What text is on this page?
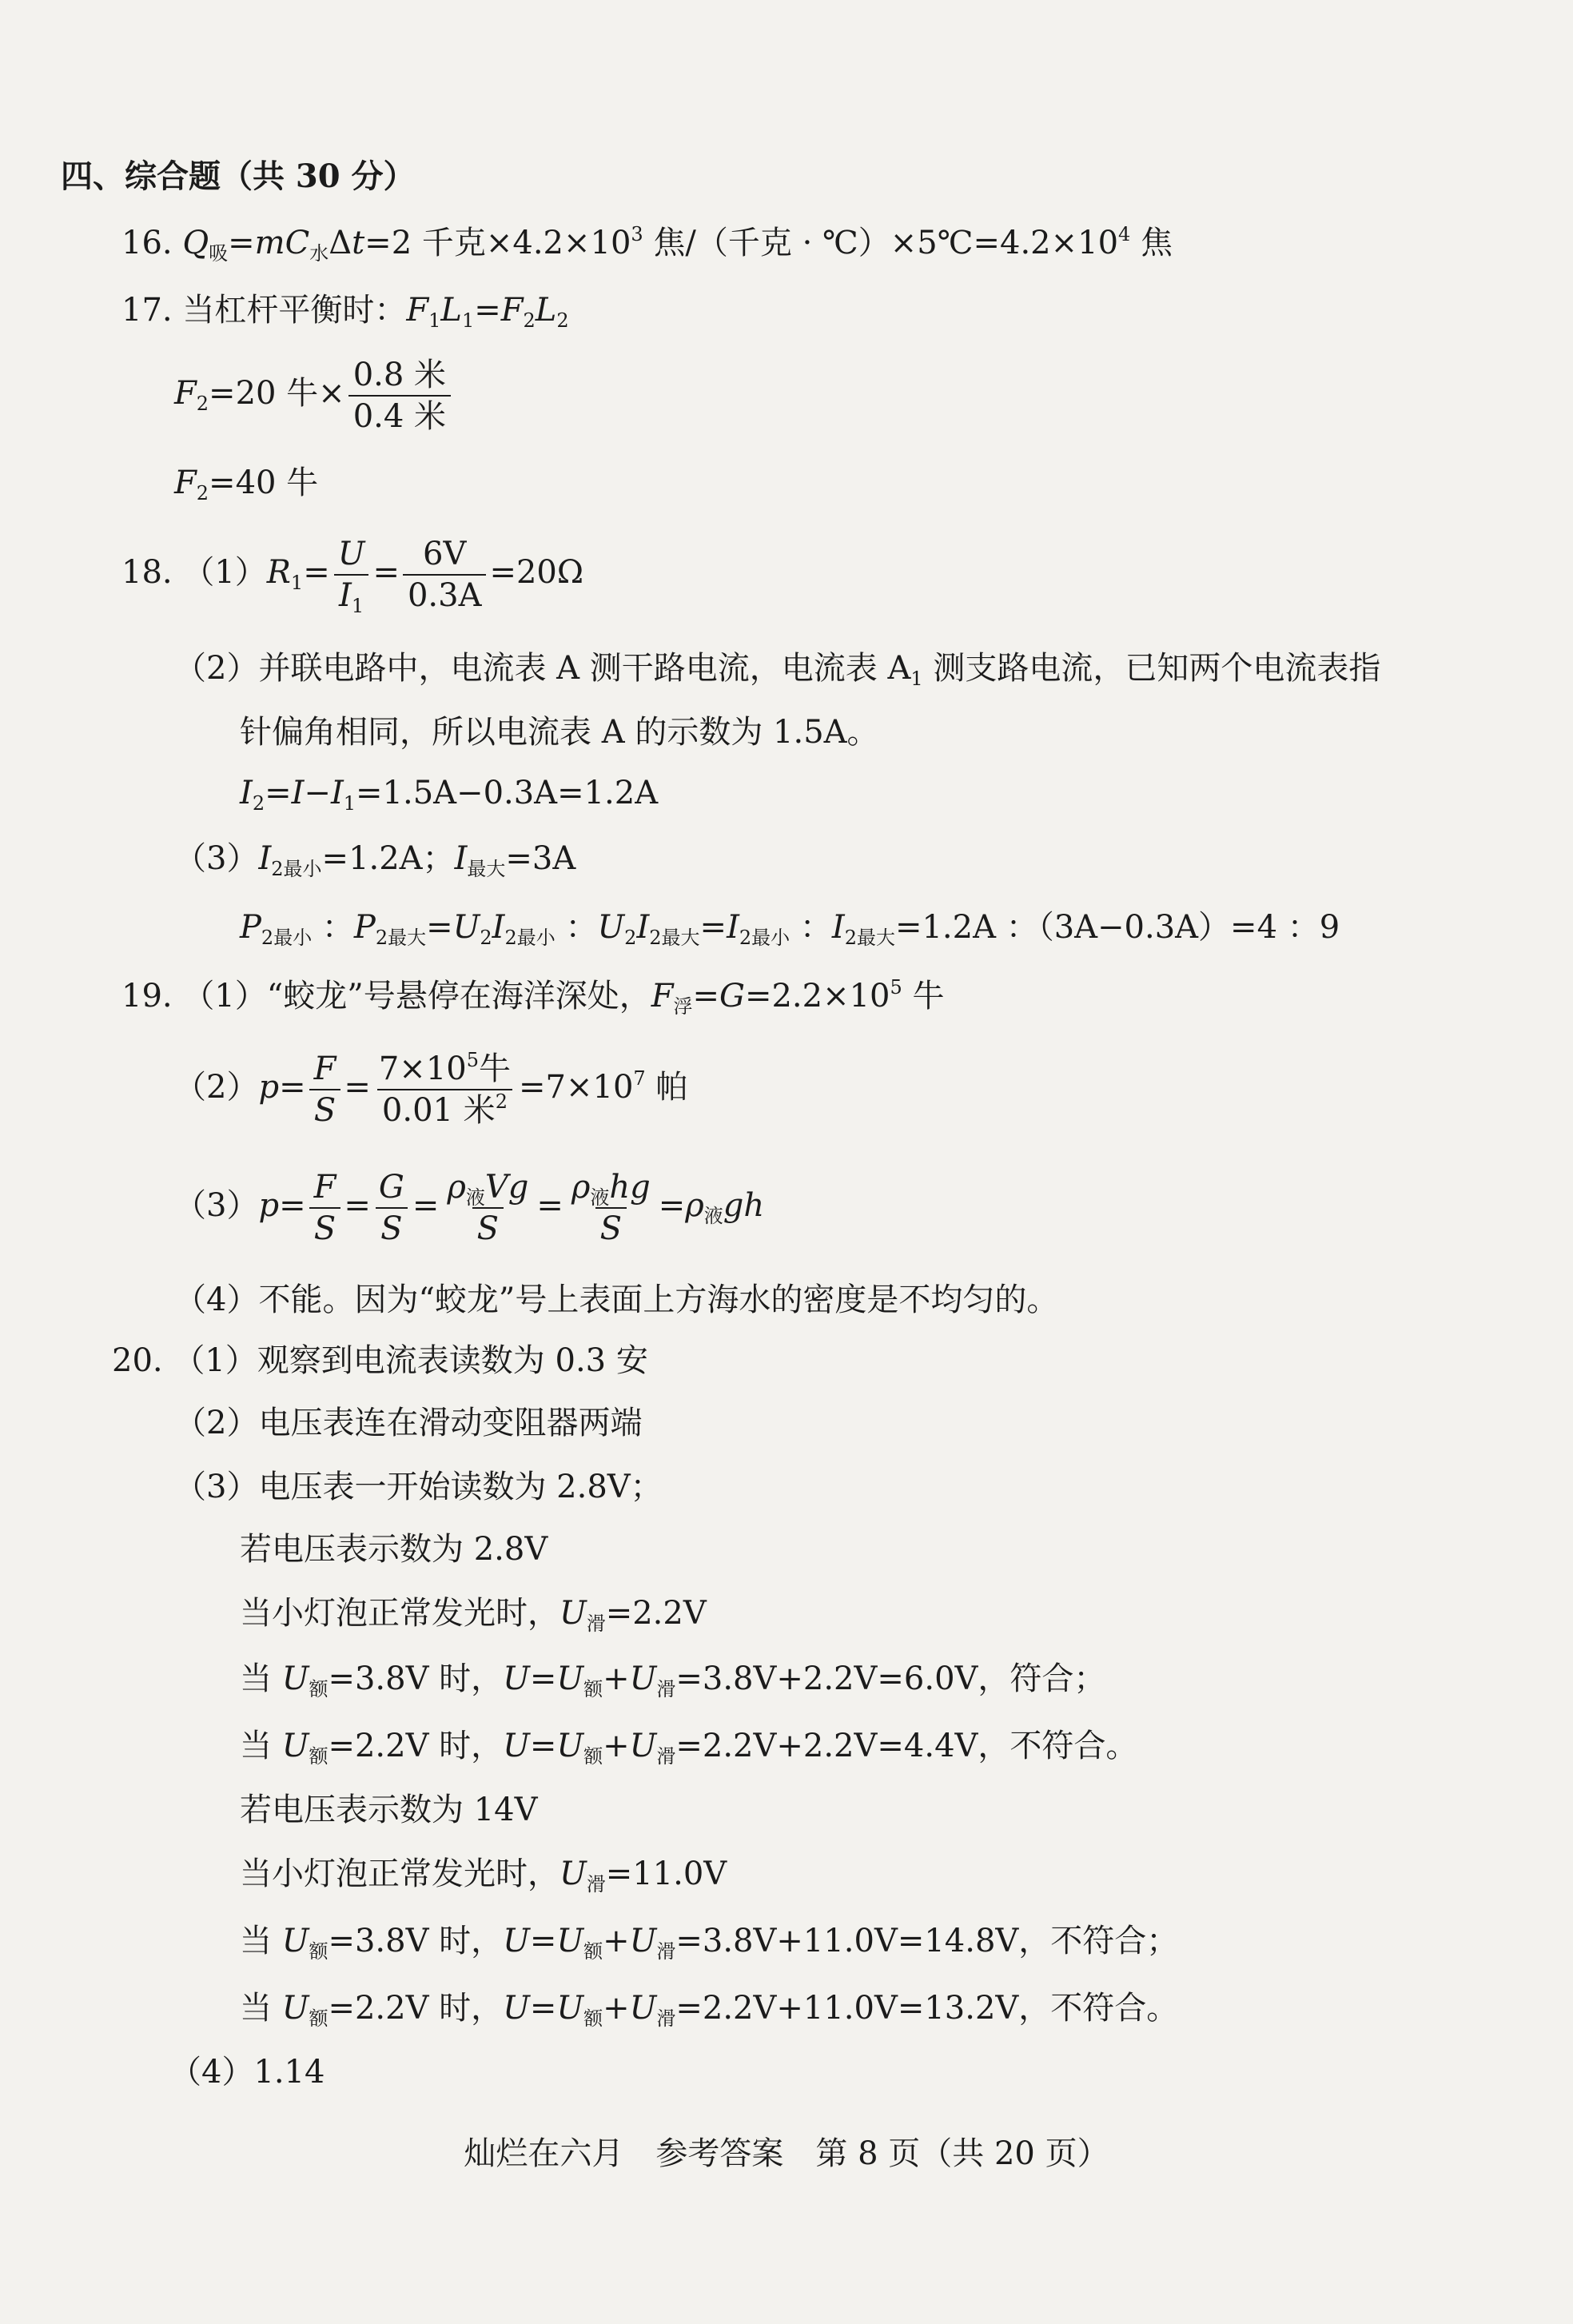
四、综合题（共 30 分）
16. $Q_吸=mC_水\Delta t=2$ 千克$\times 4.2\times 10^3$ 焦/（千克 · $℃)\times 5℃=4.2\times 10^4$ 焦
17. 当杠杆平衡时：$F_1L_1=F_2L_2$
$F_2=20$ 牛× $\frac{\text{0.8 米}}{\text{0.4 米}}$
$F_2=40$ 牛
18. $(1)R_1= \frac{U}{I_1} = \frac{6V}{0.3A} =20\Omega$
（2）并联电路中，电流表 A 测干路电流，电流表 $A_1$ 测支路电流，已知两个电流表指
针偏角相同，所以电流表 A 的示数为 1.5A。
$I_2=I-I_1=1.5A-0.3A=1.2A$
$(3)I_{2最小}=1.2A$；$I_{最大}=3A$
$P_{2最小}$ ：$P_{2最大}=U_2I_{2最小}$ ：$U_2I_{2最大}=I_{2最小}$ ：$I_{2最大}=1.2A$ ：（3A−0.3A）=4 ：9
19. （1）“蛟龙”号悬停在海洋深处，$F_浮=G=2.2\times 10^5$ 牛
$(2)p= \frac{F}{S} = \frac{7\times 10^5牛}{0.01 米^2} =7\times 10^7$ 帕
$(3)p= \frac{F}{S} = \frac{G}{S} = \frac{\rho_液Vg}{S} = \frac{\rho_液hg}{S} =\rho_液gh$
（4）不能。因为“蛟龙”号上表面上方海水的密度是不均匀的。
20. （1）观察到电流表读数为 0.3 安
（2）电压表连在滑动变阻器两端
（3）电压表一开始读数为 2.8V；
若电压表示数为 2.8V
当小灯泡正常发光时，$U_滑=2.2V$
当 $U_额=3.8V$ 时，$U=U_额+U_滑=3.8V+2.2V=6.0V$，符合；
当 $U_额=2.2V$ 时，$U=U_额+U_滑=2.2V+2.2V=4.4V$，不符合。
若电压表示数为 14V
当小灯泡正常发光时，$U_滑=11.0V$
当 $U_额=3.8V$ 时，$U=U_额+U_滑=3.8V+11.0V=14.8V$，不符合；
当 $U_额=2.2V$ 时，$U=U_额+U_滑=2.2V+11.0V=13.2V$，不符合。
（4）1.14
灿烂在六月　参考答案　第 8 页（共 20 页）
